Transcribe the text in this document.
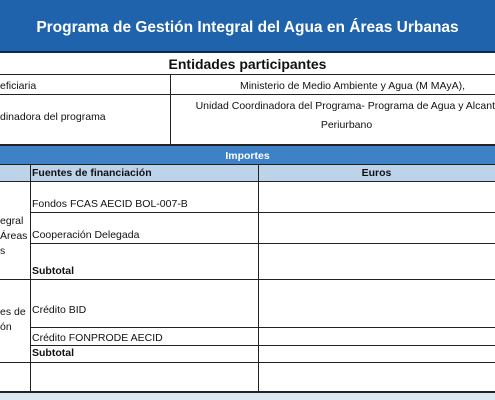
Programa de Gestión Integral del Agua en Áreas Urbanas
Entidades participantes
eficiaria	Ministerio de Medio Ambiente y Agua (M MAyA),
dinadora del programa
Unidad Coordinadora del Programa- Programa de Agua y Alcant
Periurbano
Importes
Fuentes de financiación	Euros
egral
Áreas
s
Fondos FCAS AECID BOL-007-B
Cooperación Delegada
Subtotal
es de
ón
Crédito BID
Crédito FONPRODE AECID
Subtotal
